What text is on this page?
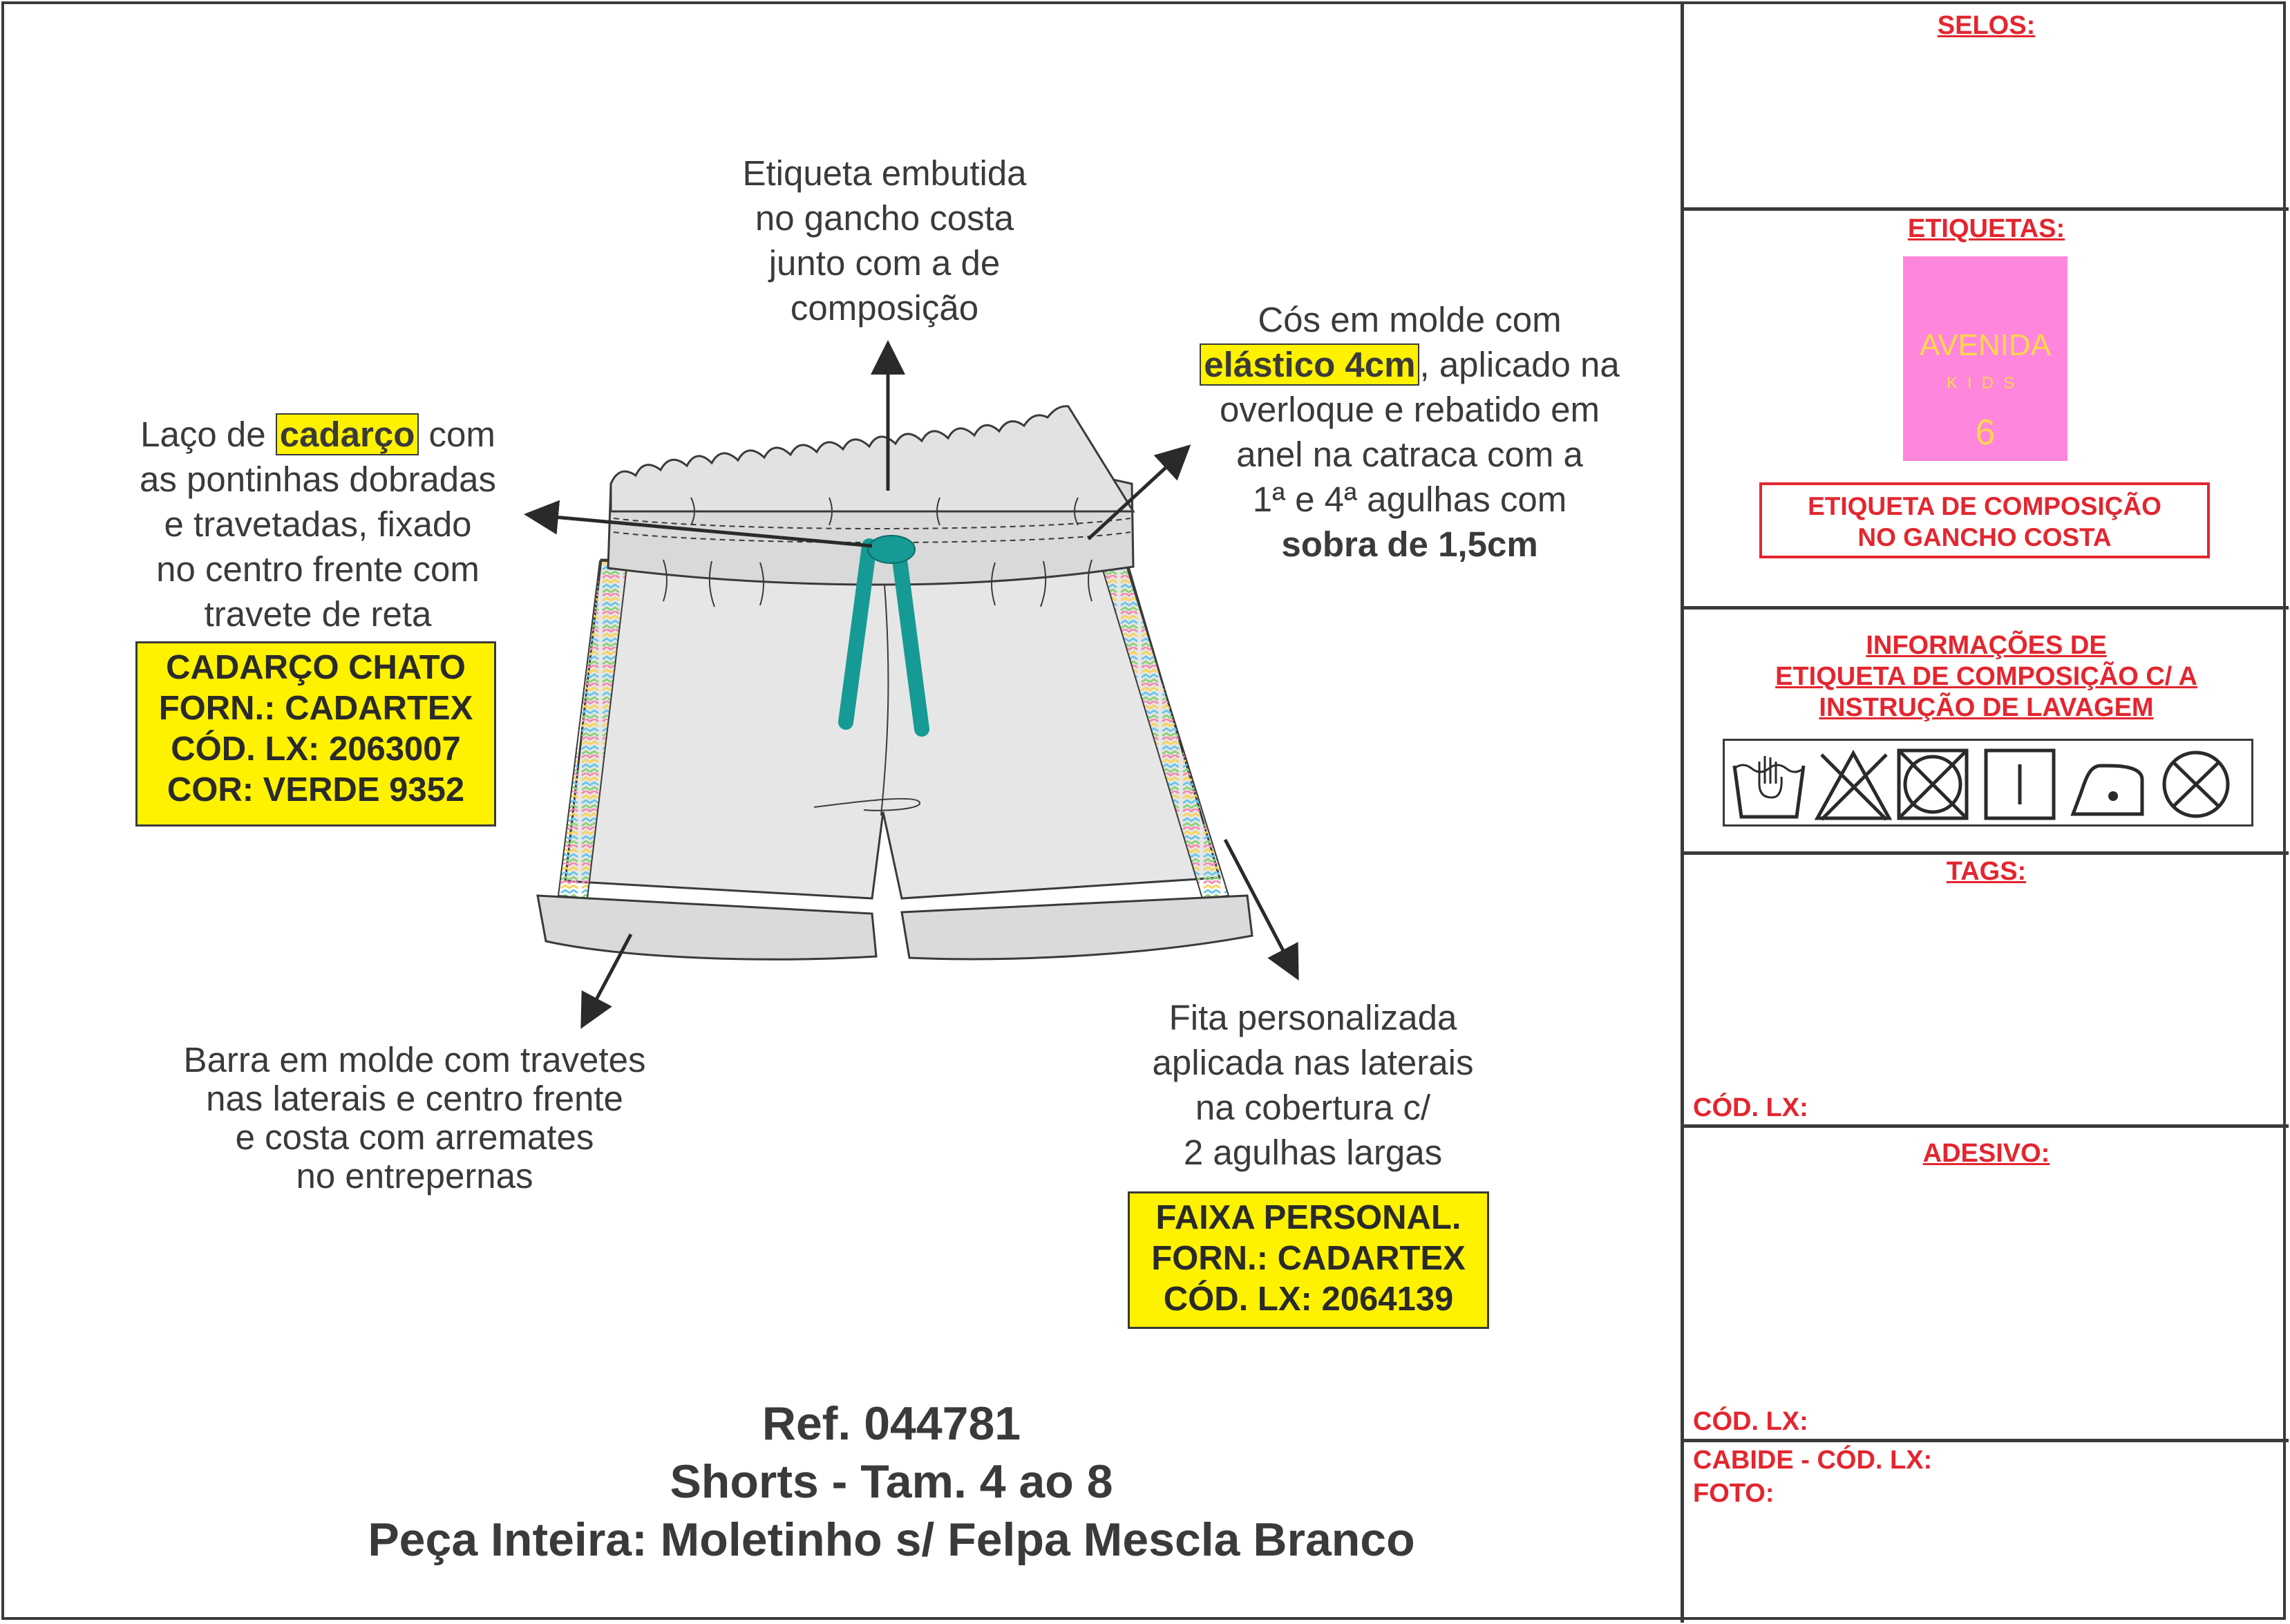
Etiqueta embutida
no gancho costa
junto com a de
composição
Laço de cadarço com
as pontinhas dobradas
e travetadas, fixado
no centro frente com
travete de reta
CADARÇO CHATO
FORN.: CADARTEX
CÓD. LX: 2063007
COR: VERDE 9352
Cós em molde com
elástico 4cm , aplicado na
overloque e rebatido em
anel na catraca com a
1ª e 4ª agulhas com
sobra de 1,5cm
Barra em molde com travetes
nas laterais e centro frente
e costa com arremates
no entrepernas
Fita personalizada
aplicada nas laterais
na cobertura c/
2 agulhas largas
FAIXA PERSONAL.
FORN.: CADARTEX
CÓD. LX: 2064139
Ref. 044781
Shorts - Tam. 4 ao 8
Peça Inteira: Moletinho s/ Felpa Mescla Branco
SELOS:
ETIQUETAS:
AVENIDA
KIDS
6
ETIQUETA DE COMPOSIÇÃO
NO GANCHO COSTA
INFORMAÇÕES DE
ETIQUETA DE COMPOSIÇÃO C/ A
INSTRUÇÃO DE LAVAGEM
TAGS:
CÓD. LX:
ADESIVO:
CÓD. LX:
CABIDE - CÓD. LX:
FOTO:
